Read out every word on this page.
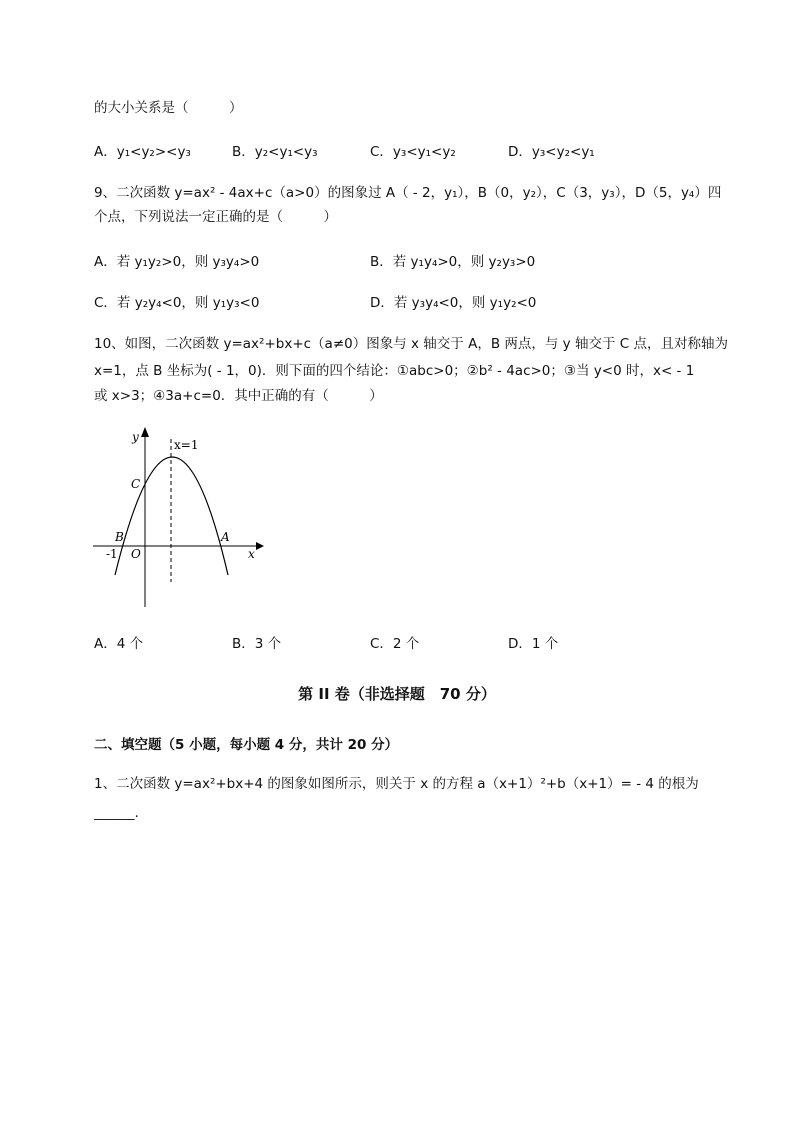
的大小关系是（　　　）
A．y₁<y₂><y₃	B．y₂<y₁<y₃	C．y₃<y₁<y₂	D．y₃<y₂<y₁
9、二次函数 y=ax² - 4ax+c（a>0）的图象过 A（ - 2，y₁），B（0，y₂），C（3，y₃），D（5，y₄）四
个点，下列说法一定正确的是（　　　）
A．若 y₁y₂>0，则 y₃y₄>0	B．若 y₁y₄>0，则 y₂y₃>0
C．若 y₂y₄<0，则 y₁y₃<0	D．若 y₃y₄<0，则 y₁y₂<0
10、如图，二次函数 y=ax²+bx+c（a≠0）图象与 x 轴交于 A，B 两点，与 y 轴交于 C 点，且对称轴为
x=1，点 B 坐标为( - 1，0)．则下面的四个结论：①abc>0；②b² - 4ac>0；③当 y<0 时，x< - 1
或 x>3；④3a+c=0．其中正确的有（　　　）
y
x=1
C
B	A
x
-1 O
A．4 个	B．3 个	C．2 个	D．1 个
第 II 卷（非选择题　70 分）
二、填空题（5 小题，每小题 4 分，共计 20 分）
1、二次函数 y=ax²+bx+4 的图象如图所示，则关于 x 的方程 a（x+1）²+b（x+1）= - 4 的根为
______.
